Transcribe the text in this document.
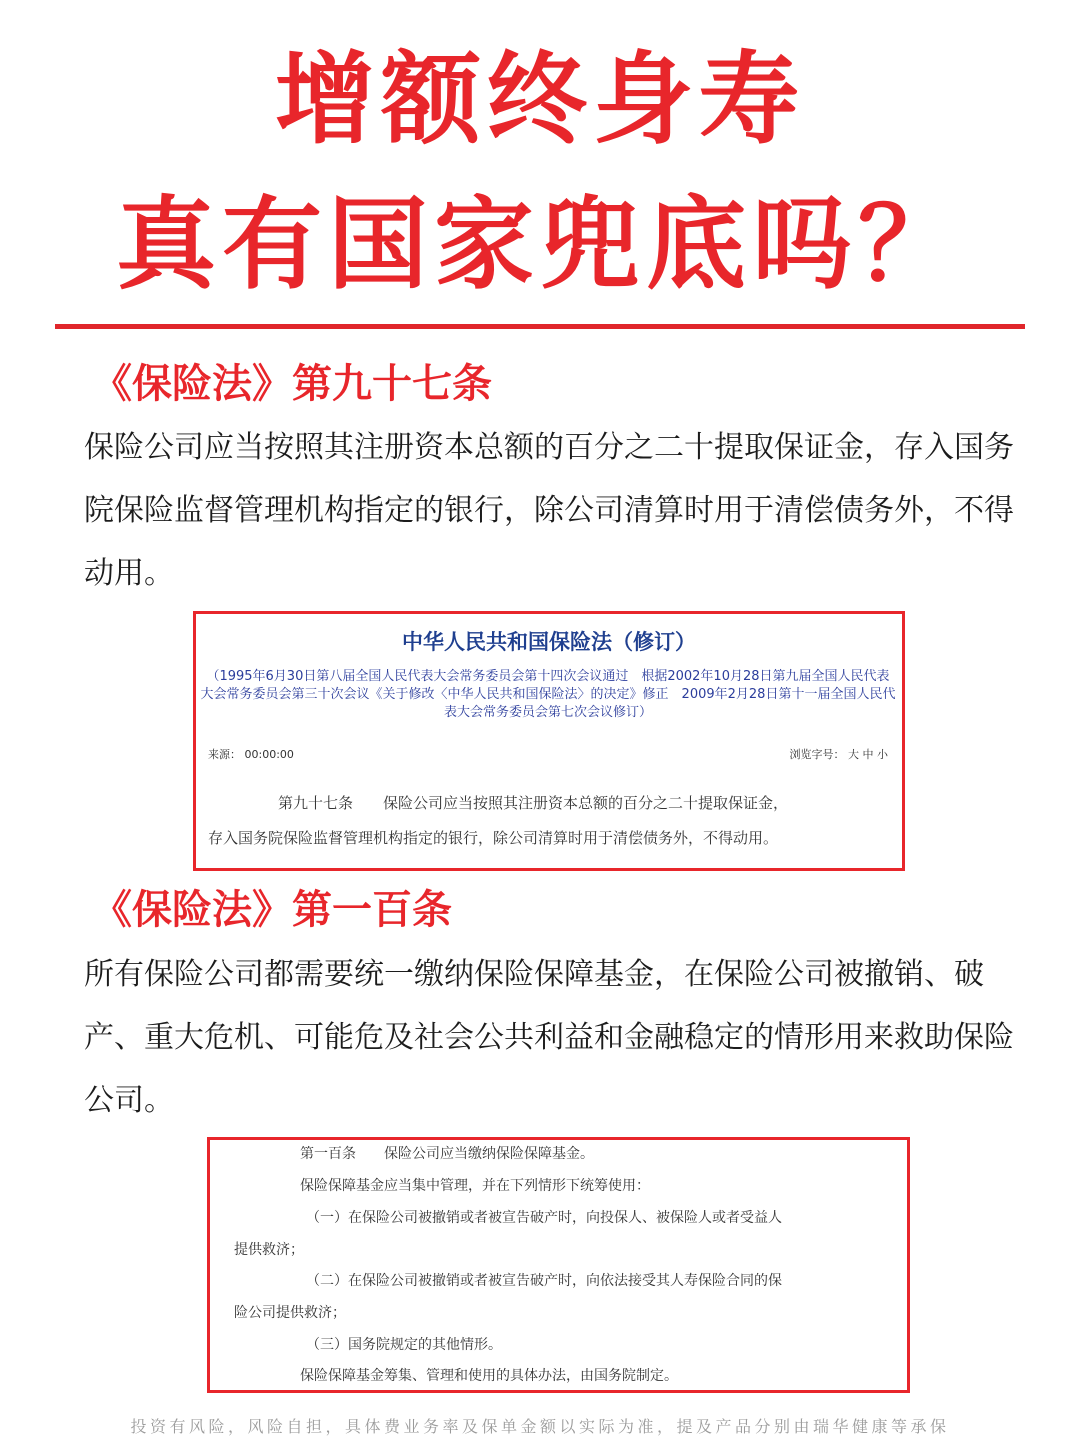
增额终身寿
真有国家兜底吗？
《保险法》第九十七条
保险公司应当按照其注册资本总额的百分之二十提取保证金，存入国务院保险监督管理机构指定的银行，除公司清算时用于清偿债务外，不得动用。
中华人民共和国保险法（修订）
（1995年6月30日第八届全国人民代表大会常务委员会第十四次会议通过　根据2002年10月28日第九届全国人民代表大会常务委员会第三十次会议《关于修改〈中华人民共和国保险法〉的决定》修正　2009年2月28日第十一届全国人民代表大会常务委员会第七次会议修订）
来源： 00:00:00	浏览字号： 大 中 小
第九十七条　　保险公司应当按照其注册资本总额的百分之二十提取保证金，
存入国务院保险监督管理机构指定的银行，除公司清算时用于清偿债务外，不得动用。
《保险法》第一百条
所有保险公司都需要统一缴纳保险保障基金，在保险公司被撤销、破产、重大危机、可能危及社会公共利益和金融稳定的情形用来救助保险公司。
第一百条　　保险公司应当缴纳保险保障基金。
保险保障基金应当集中管理，并在下列情形下统筹使用：
（一）在保险公司被撤销或者被宣告破产时，向投保人、被保险人或者受益人
提供救济；
（二）在保险公司被撤销或者被宣告破产时，向依法接受其人寿保险合同的保
险公司提供救济；
（三）国务院规定的其他情形。
保险保障基金筹集、管理和使用的具体办法，由国务院制定。
投资有风险，风险自担，具体费业务率及保单金额以实际为准，提及产品分别由瑞华健康等承保
